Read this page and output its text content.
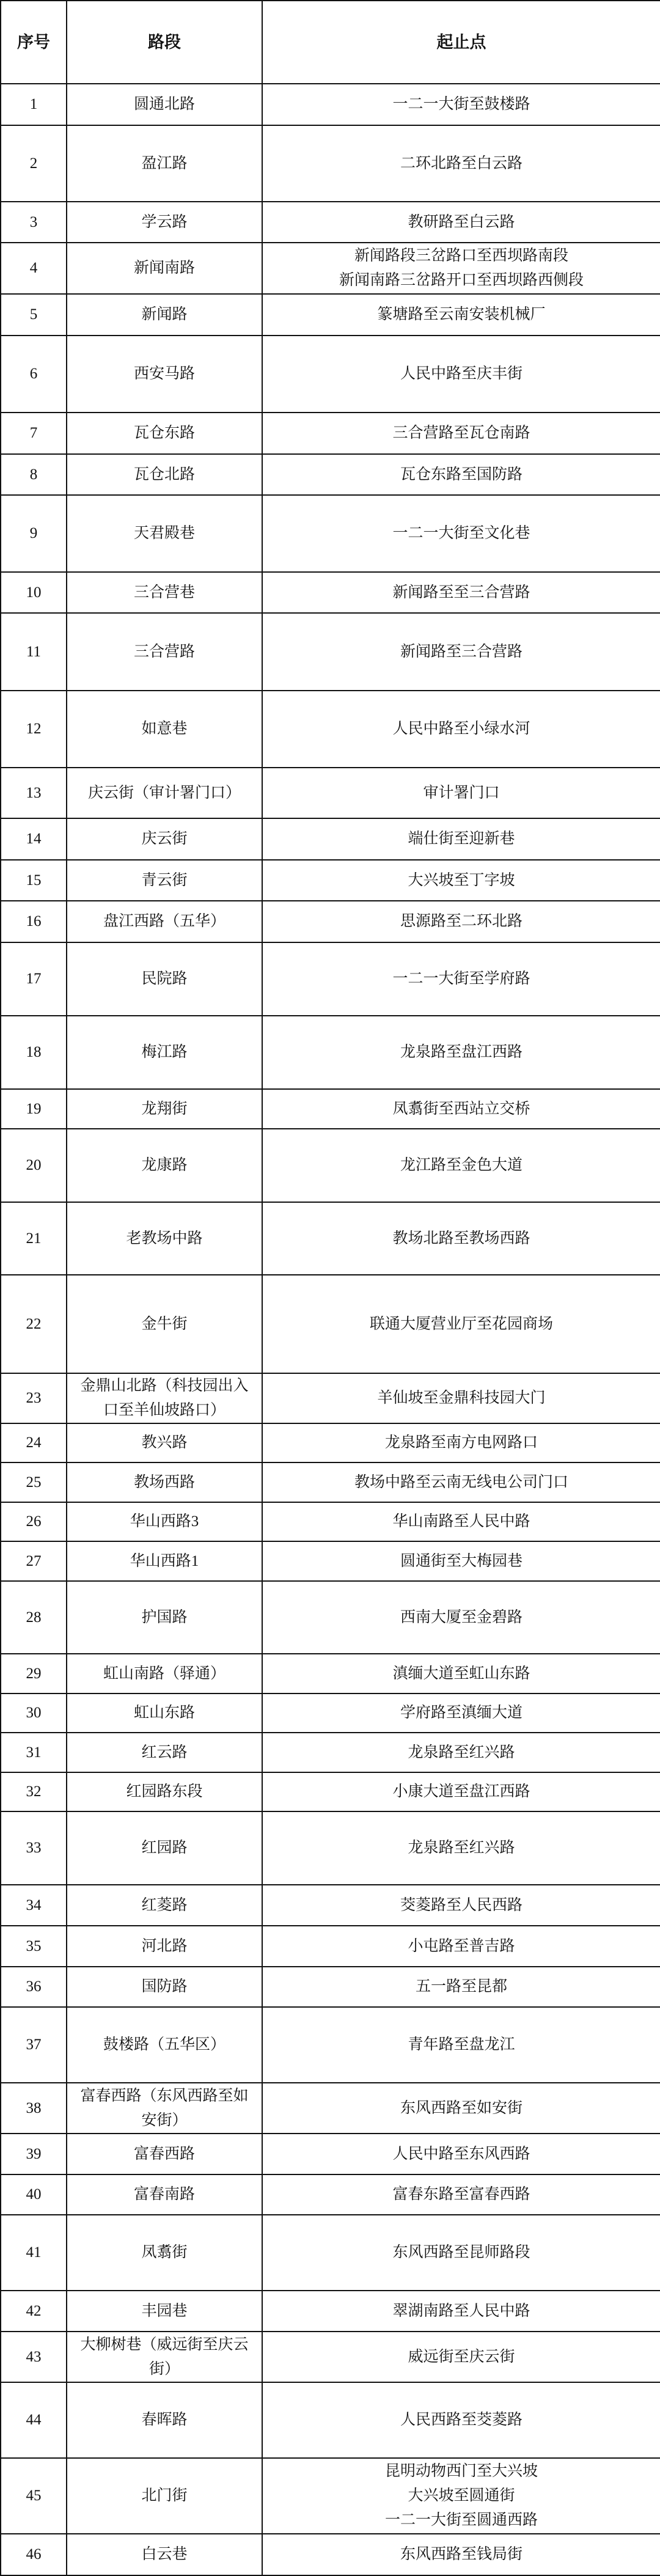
序号	路段	起止点
1	圆通北路	一二一大街至鼓楼路

2	盈江路	二环北路至白云路

3	学云路	教研路至白云路

4	新闻南路	新闻路段三岔路口至西坝路南段
新闻南路三岔路开口至西坝路西侧段

5	新闻路	篆塘路至云南安装机械厂

6	西安马路	人民中路至庆丰街

7	瓦仓东路	三合营路至瓦仓南路

8	瓦仓北路	瓦仓东路至国防路

9	天君殿巷	一二一大街至文化巷

10	三合营巷	新闻路至至三合营路

11	三合营路	新闻路至三合营路

12	如意巷	人民中路至小绿水河

13	庆云街（审计署门口）	审计署门口

14	庆云街	端仕街至迎新巷

15	青云街	大兴坡至丁字坡

16	盘江西路（五华）	思源路至二环北路

17	民院路	一二一大街至学府路

18	梅江路	龙泉路至盘江西路

19	龙翔街	凤翥街至西站立交桥

20	龙康路	龙江路至金色大道

21	老教场中路	教场北路至教场西路

22	金牛街	联通大厦营业厅至花园商场

23	金鼎山北路（科技园出入
口至羊仙坡路口）	羊仙坡至金鼎科技园大门

24	教兴路	龙泉路至南方电网路口

25	教场西路	教场中路至云南无线电公司门口

26	华山西路3	华山南路至人民中路

27	华山西路1	圆通街至大梅园巷

28	护国路	西南大厦至金碧路

29	虹山南路（驿通）	滇缅大道至虹山东路

30	虹山东路	学府路至滇缅大道

31	红云路	龙泉路至红兴路

32	红园路东段	小康大道至盘江西路

33	红园路	龙泉路至红兴路

34	红菱路	茭菱路至人民西路

35	河北路	小屯路至普吉路

36	国防路	五一路至昆都

37	鼓楼路（五华区）	青年路至盘龙江

38	富春西路（东风西路至如
安街）	东风西路至如安街

39	富春西路	人民中路至东风西路

40	富春南路	富春东路至富春西路

41	凤翥街	东风西路至昆师路段

42	丰园巷	翠湖南路至人民中路

43	大柳树巷（威远街至庆云
街）	威远街至庆云街

44	春晖路	人民西路至茭菱路

45	北门街	昆明动物西门至大兴坡
大兴坡至圆通街
一二一大街至圆通西路

46	白云巷	东风西路至钱局街
